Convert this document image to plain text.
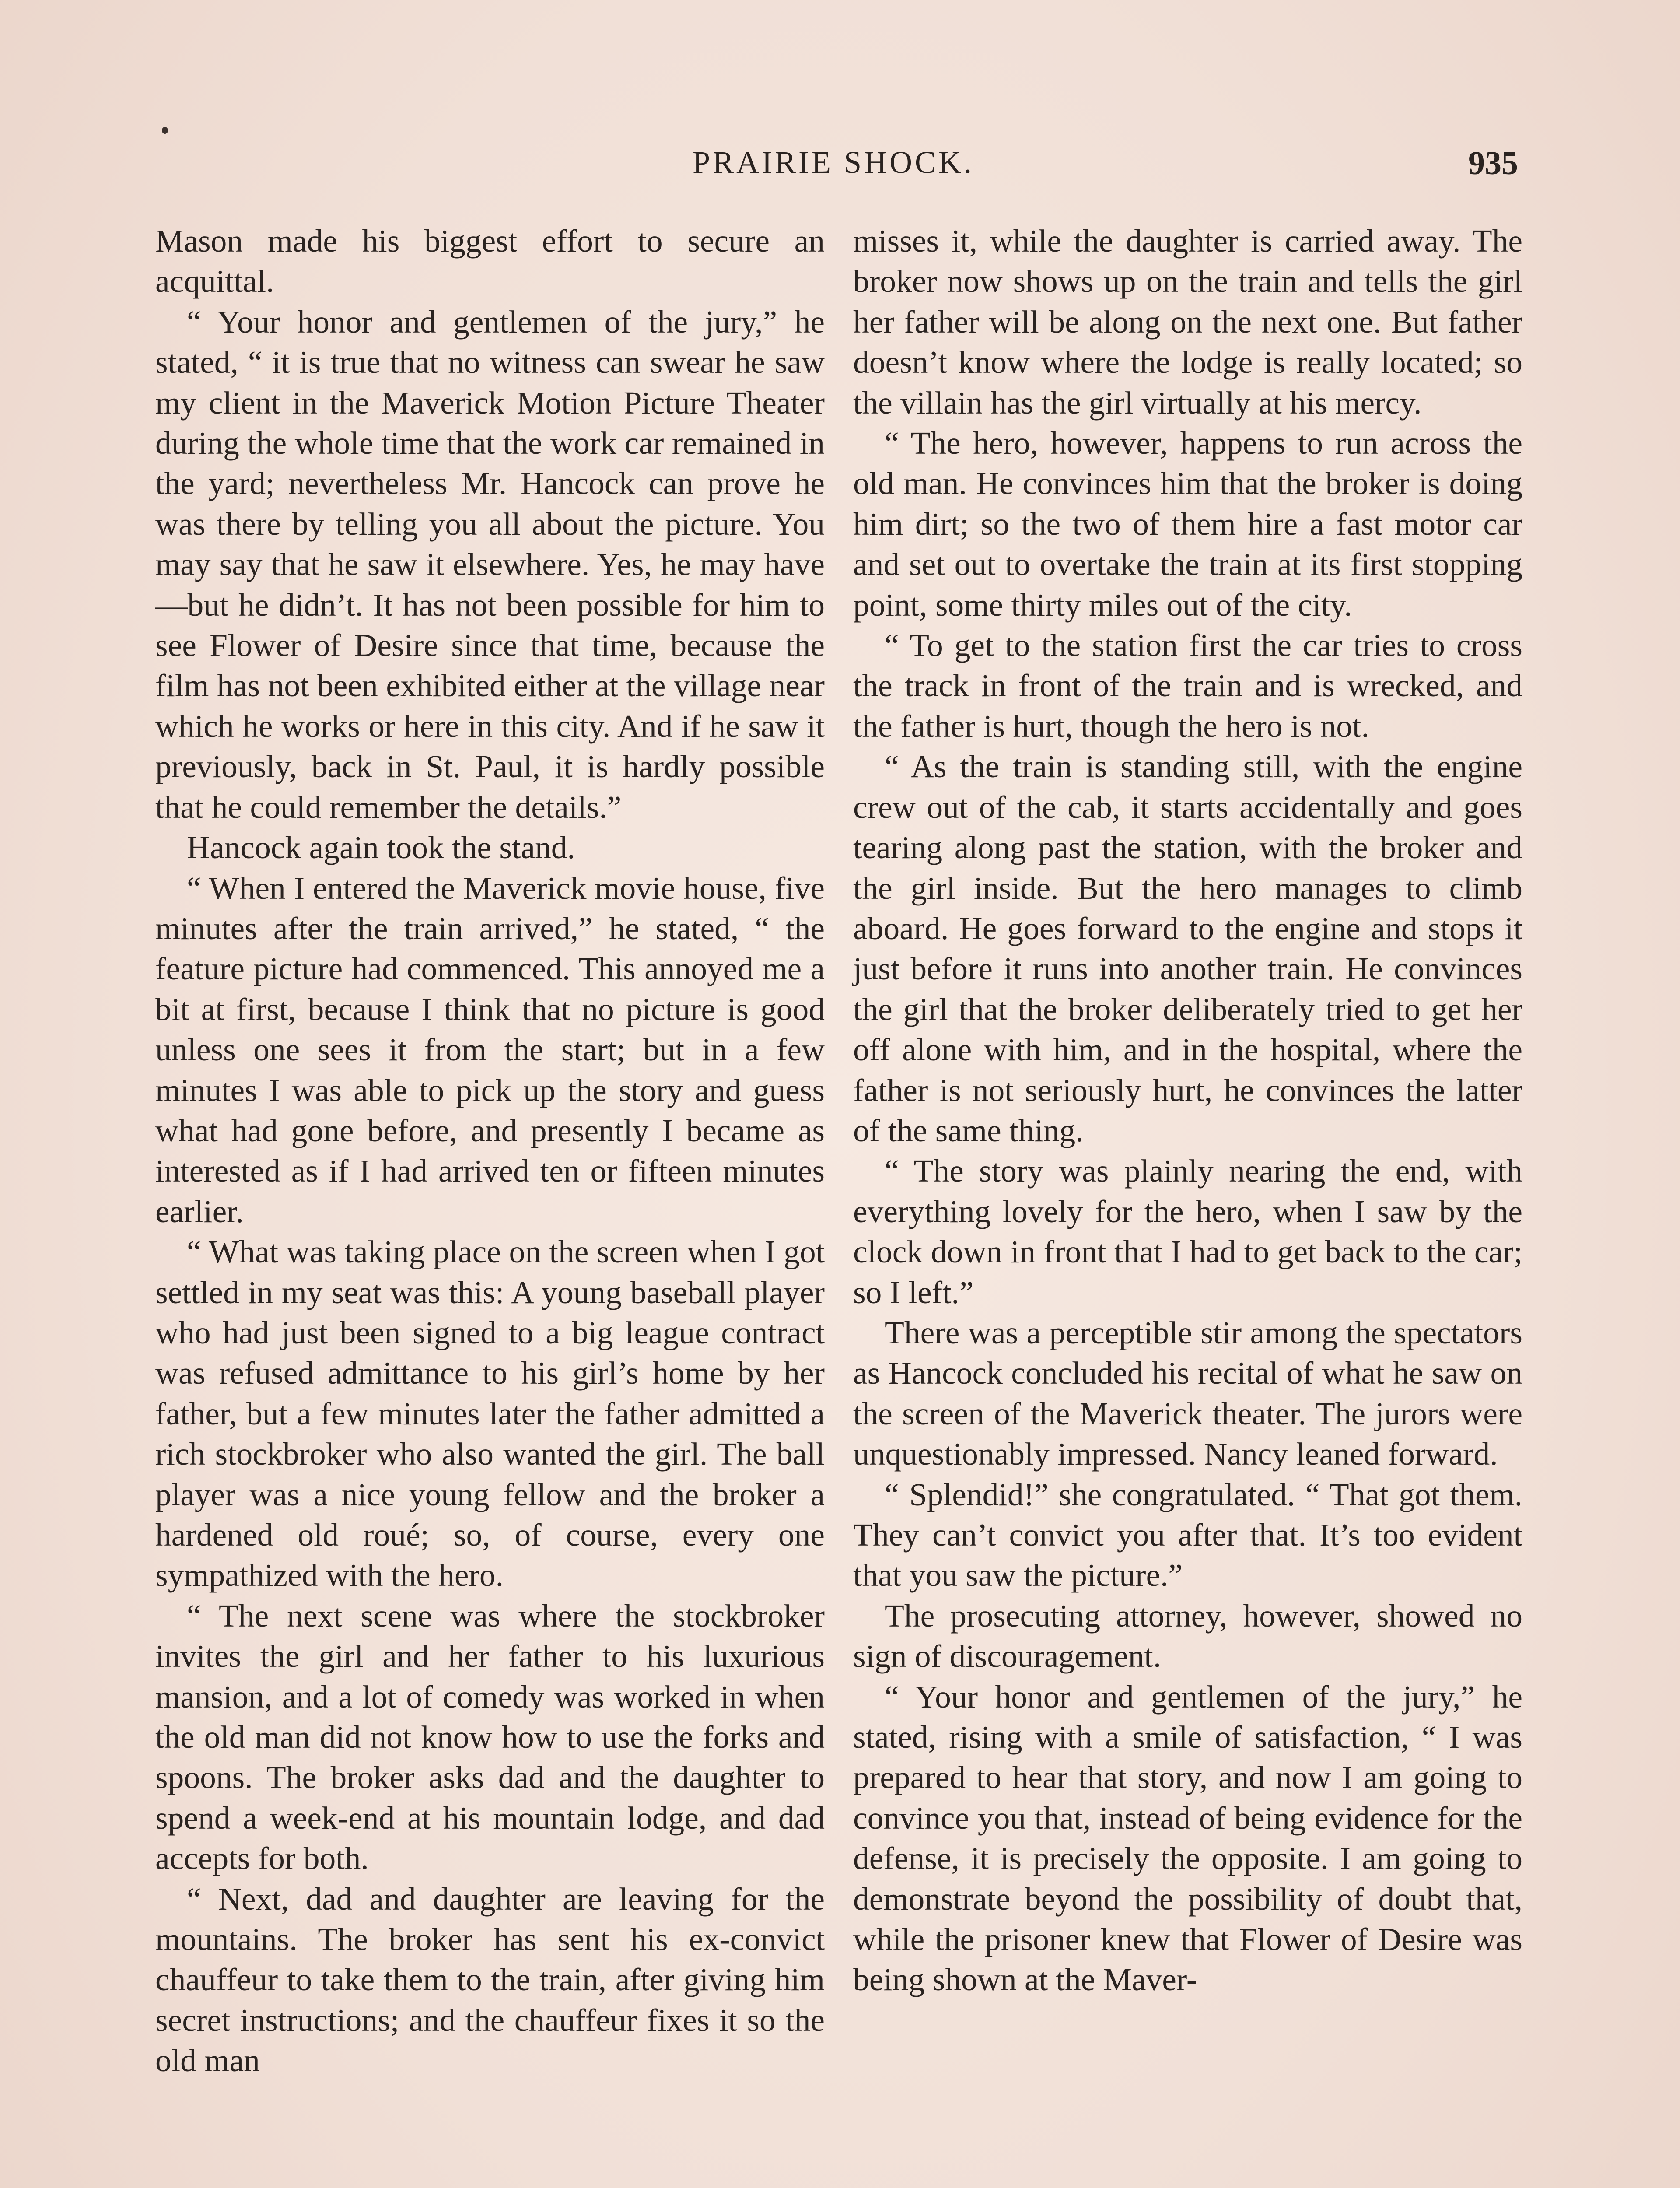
PRAIRIE SHOCK.	935

Mason made his biggest effort to secure an acquittal.

“ Your honor and gentlemen of the jury,” he stated, “ it is true that no witness can swear he saw my client in the Maverick Motion Picture Theater during the whole time that the work car remained in the yard; nevertheless Mr. Hancock can prove he was there by telling you all about the picture. You may say that he saw it elsewhere. Yes, he may have—but he didn’t. It has not been possible for him to see Flower of Desire since that time, because the film has not been exhibited either at the village near which he works or here in this city. And if he saw it previously, back in St. Paul, it is hardly possible that he could remember the details.”

Hancock again took the stand.

“ When I entered the Maverick movie house, five minutes after the train arrived,” he stated, “ the feature picture had commenced. This annoyed me a bit at first, because I think that no picture is good unless one sees it from the start; but in a few minutes I was able to pick up the story and guess what had gone before, and presently I became as interested as if I had arrived ten or fifteen minutes earlier.

“ What was taking place on the screen when I got settled in my seat was this: A young baseball player who had just been signed to a big league contract was refused admittance to his girl’s home by her father, but a few minutes later the father admitted a rich stockbroker who also wanted the girl. The ball player was a nice young fellow and the broker a hardened old roué; so, of course, every one sympathized with the hero.

“ The next scene was where the stockbroker invites the girl and her father to his luxurious mansion, and a lot of comedy was worked in when the old man did not know how to use the forks and spoons. The broker asks dad and the daughter to spend a week-end at his mountain lodge, and dad accepts for both.

“ Next, dad and daughter are leaving for the mountains. The broker has sent his ex-convict chauffeur to take them to the train, after giving him secret instructions; and the chauffeur fixes it so the old man

misses it, while the daughter is carried away. The broker now shows up on the train and tells the girl her father will be along on the next one. But father doesn’t know where the lodge is really located; so the villain has the girl virtually at his mercy.

“ The hero, however, happens to run across the old man. He convinces him that the broker is doing him dirt; so the two of them hire a fast motor car and set out to overtake the train at its first stopping point, some thirty miles out of the city.

“ To get to the station first the car tries to cross the track in front of the train and is wrecked, and the father is hurt, though the hero is not.

“ As the train is standing still, with the engine crew out of the cab, it starts accidentally and goes tearing along past the station, with the broker and the girl inside. But the hero manages to climb aboard. He goes forward to the engine and stops it just before it runs into another train. He convinces the girl that the broker deliberately tried to get her off alone with him, and in the hospital, where the father is not seriously hurt, he convinces the latter of the same thing.

“ The story was plainly nearing the end, with everything lovely for the hero, when I saw by the clock down in front that I had to get back to the car; so I left.”

There was a perceptible stir among the spectators as Hancock concluded his recital of what he saw on the screen of the Maverick theater. The jurors were unquestionably impressed. Nancy leaned forward.

“ Splendid!” she congratulated. “ That got them. They can’t convict you after that. It’s too evident that you saw the picture.”

The prosecuting attorney, however, showed no sign of discouragement.

“ Your honor and gentlemen of the jury,” he stated, rising with a smile of satisfaction, “ I was prepared to hear that story, and now I am going to convince you that, instead of being evidence for the defense, it is precisely the opposite. I am going to demonstrate beyond the possibility of doubt that, while the prisoner knew that Flower of Desire was being shown at the Maver-
